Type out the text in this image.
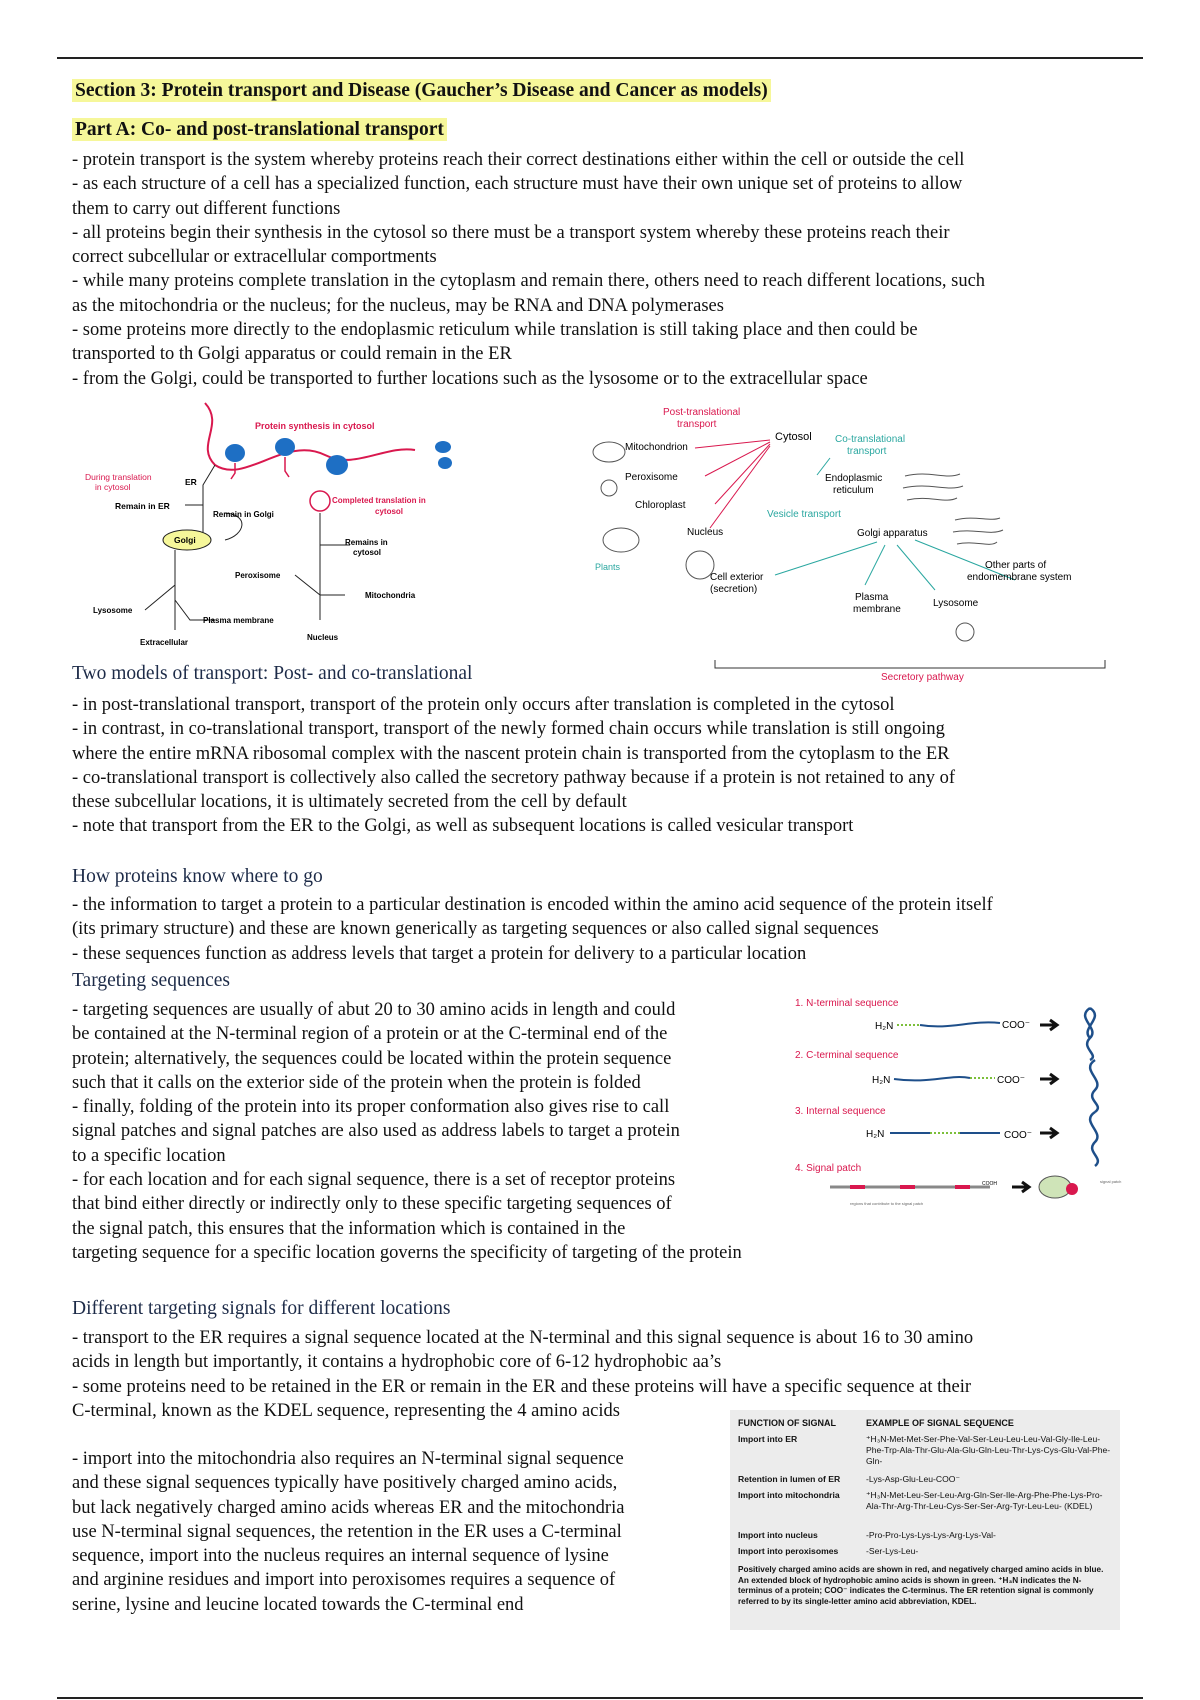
Section 3: Protein transport and Disease (Gaucher’s Disease and Cancer as models)

Part A: Co- and post-translational transport

- protein transport is the system whereby proteins reach their correct destinations either within the cell or outside the cell
- as each structure of a cell has a specialized function, each structure must have their own unique set of proteins to allow
them to carry out different functions
- all proteins begin their synthesis in the cytosol so there must be a transport system whereby these proteins reach their
correct subcellular or extracellular comportments
- while many proteins complete translation in the cytoplasm and remain there, others need to reach different locations, such
as the mitochondria or the nucleus; for the nucleus, may be RNA and DNA polymerases
- some proteins more directly to the endoplasmic reticulum while translation is still taking place and then could be
transported to th Golgi apparatus or could remain in the ER
- from the Golgi, could be transported to further locations such as the lysosome or to the extracellular space
Protein synthesis in cytosol
During translation
in cytosol	ER
Remain in ER
Remain in Golgi
Completed translation in
cytosol
Golgi	Remains in
cytosol
Peroxisome
Mitochondria
Lysosome
Plasma membrane
Extracellular
Nucleus
Post-translational
transport
Cytosol Co-translational
transport
Mitochondrion
Peroxisome
Chloroplast
Plants
Nucleus
Endoplasmic
reticulum
Vesicle transport
Golgi apparatus
Cell exterior
(secretion)
Plasma
membrane
Lysosome
Other parts of
endomembrane system
Secretory pathway

Two models of transport: Post- and co-translational

- in post-translational transport, transport of the protein only occurs after translation is completed in the cytosol
- in contrast, in co-translational transport, transport of the newly formed chain occurs while translation is still ongoing
where the entire mRNA ribosomal complex with the nascent protein chain is transported from the cytoplasm to the ER
- co-translational transport is collectively also called the secretory pathway because if a protein is not retained to any of
these subcellular locations, it is ultimately secreted from the cell by default
- note that transport from the ER to the Golgi, as well as subsequent locations is called vesicular transport

How proteins know where to go

- the information to target a protein to a particular destination is encoded within the amino acid sequence of the protein itself
(its primary structure) and these are known generically as targeting sequences or also called signal sequences
- these sequences function as address levels that target a protein for delivery to a particular location

Targeting sequences

- targeting sequences are usually of abut 20 to 30 amino acids in length and could
be contained at the N-terminal region of a protein or at the C-terminal end of the
protein; alternatively, the sequences could be located within the protein sequence
such that it calls on the exterior side of the protein when the protein is folded
- finally, folding of the protein into its proper conformation also gives rise to call
signal patches and signal patches are also used as address labels to target a protein
to a specific location
- for each location and for each signal sequence, there is a set of receptor proteins
that bind either directly or indirectly only to these specific targeting sequences of
the signal patch, this ensures that the information which is contained in the
targeting sequence for a specific location governs the specificity of targeting of the protein
1. N-terminal sequence
H₂N	COO⁻
2. C-terminal sequence
H₂N	COO⁻
3. Internal sequence
H₂N	COO⁻
4. Signal patch
COOH	signal patch
regions that contribute to the signal patch

Different targeting signals for different locations

- transport to the ER requires a signal sequence located at the N-terminal and this signal sequence is about 16 to 30 amino
acids in length but importantly, it contains a hydrophobic core of 6-12 hydrophobic aa’s
- some proteins need to be retained in the ER or remain in the ER and these proteins will have a specific sequence at their
C-terminal, known as the KDEL sequence, representing the 4 amino acids
- import into the mitochondria also requires an N-terminal signal sequence
and these signal sequences typically have positively charged amino acids,
but lack negatively charged amino acids whereas ER and the mitochondria
use N-terminal signal sequences, the retention in the ER uses a C-terminal
sequence, import into the nucleus requires an internal sequence of lysine
and arginine residues and import into peroxisomes requires a sequence of
serine, lysine and leucine located towards the C-terminal end
FUNCTION OF SIGNAL	EXAMPLE OF SIGNAL SEQUENCE
Import into ER	⁺H₃N-Met-Met-Ser-Phe-Val-Ser-Leu-Leu-Leu-Val-Gly-Ile-Leu-Phe-Trp-Ala-Thr-Glu-Ala-Glu-Gln-Leu-Thr-Lys-Cys-Glu-Val-Phe-Gln-
Retention in lumen of ER	-Lys-Asp-Glu-Leu-COO⁻
Import into mitochondria	⁺H₃N-Met-Leu-Ser-Leu-Arg-Gln-Ser-Ile-Arg-Phe-Phe-Lys-Pro-Ala-Thr-Arg-Thr-Leu-Cys-Ser-Ser-Arg-Tyr-Leu-Leu- (KDEL)
Import into nucleus	-Pro-Pro-Lys-Lys-Lys-Arg-Lys-Val-
Import into peroxisomes	-Ser-Lys-Leu-
Positively charged amino acids are shown in red, and negatively charged amino acids in blue. An extended block of hydrophobic amino acids is shown in green. ⁺H₃N indicates the N-terminus of a protein; COO⁻ indicates the C-terminus. The ER retention signal is commonly referred to by its single-letter amino acid abbreviation, KDEL.
